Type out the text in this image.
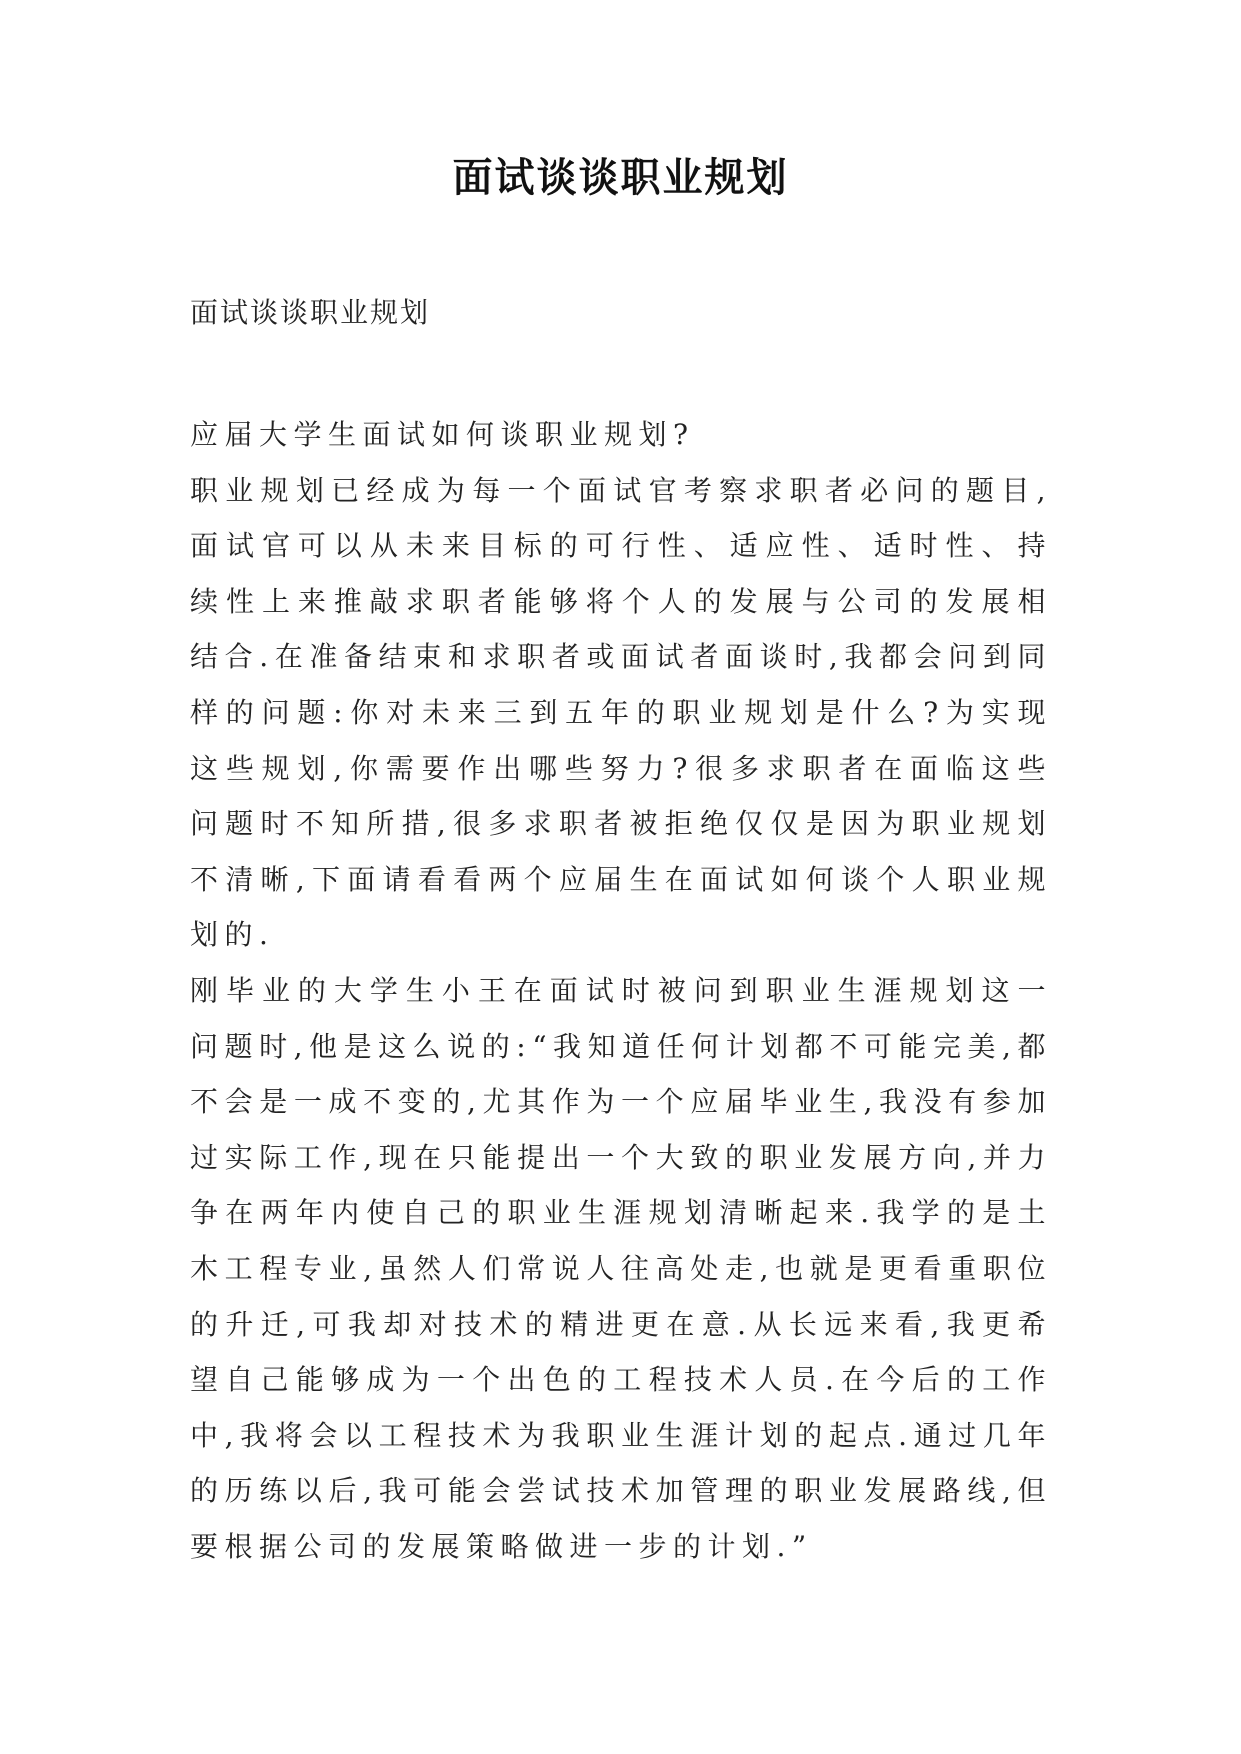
面试谈谈职业规划

面试谈谈职业规划

应届大学生面试如何谈职业规划?

职业规划已经成为每一个面试官考察求职者必问的题目,面试官可以从未来目标的可行性、适应性、适时性、持续性上来推敲求职者能够将个人的发展与公司的发展相结合.在准备结束和求职者或面试者面谈时,我都会问到同样的问题:你对未来三到五年的职业规划是什么?为实现这些规划,你需要作出哪些努力?很多求职者在面临这些问题时不知所措,很多求职者被拒绝仅仅是因为职业规划不清晰,下面请看看两个应届生在面试如何谈个人职业规划的.

刚毕业的大学生小王在面试时被问到职业生涯规划这一问题时,他是这么说的:“我知道任何计划都不可能完美,都不会是一成不变的,尤其作为一个应届毕业生,我没有参加过实际工作,现在只能提出一个大致的职业发展方向,并力争在两年内使自己的职业生涯规划清晰起来.我学的是土木工程专业,虽然人们常说人往高处走,也就是更看重职位的升迁,可我却对技术的精进更在意.从长远来看,我更希望自己能够成为一个出色的工程技术人员.在今后的工作中,我将会以工程技术为我职业生涯计划的起点.通过几年的历练以后,我可能会尝试技术加管理的职业发展路线,但要根据公司的发展策略做进一步的计划.”
